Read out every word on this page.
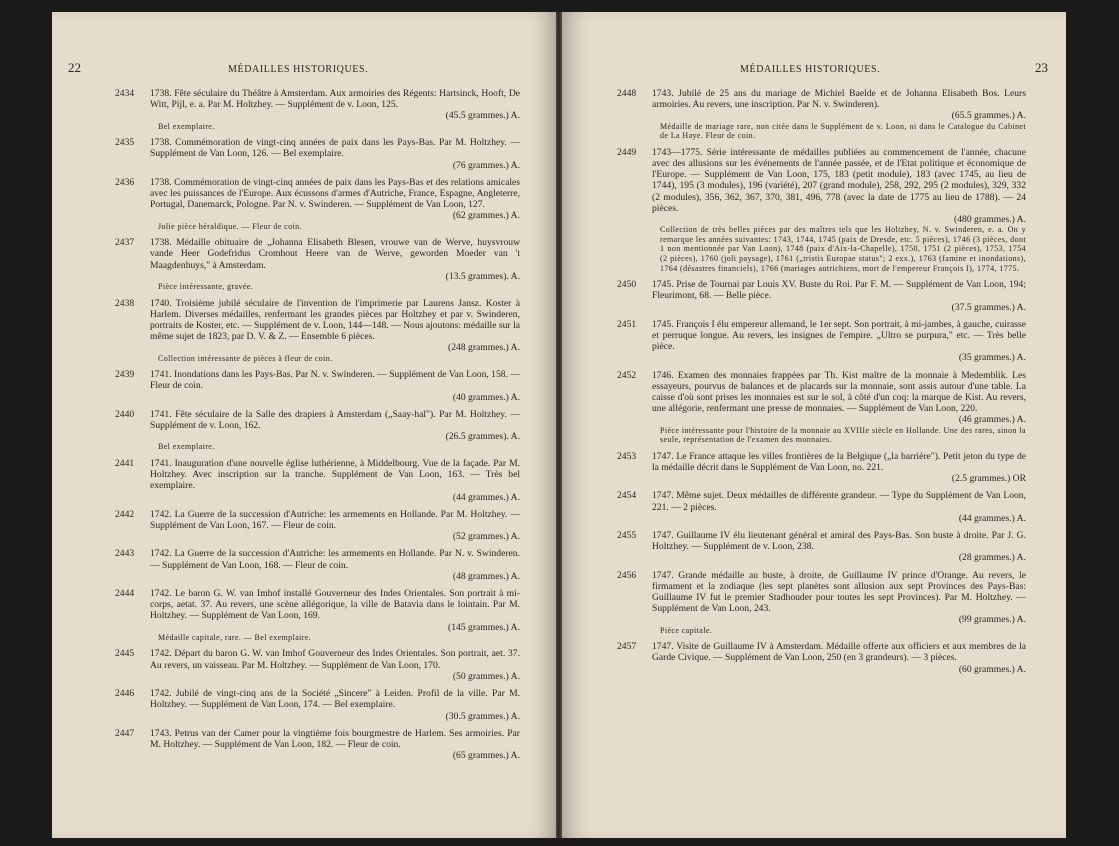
22	MÉDAILLES HISTORIQUES.
2434 1738. Fête séculaire du Théâtre à Amsterdam. Aux armoiries des Régents: Hartsinck, Hooft, De Witt, Pijl, e. a. Par M. Holtzhey. — Supplément de v. Loon, 125.
(45.5 grammes.) A.
Bel exemplaire.
2435 1738. Commémoration de vingt-cinq années de paix dans les Pays-Bas. Par M. Holtzhey. — Supplément de Van Loon, 126. — Bel exemplaire.
(76 grammes.) A.
2436 1738. Commémoration de vingt-cinq années de paix dans les Pays-Bas et des relations amicales avec les puissances de l'Europe. Aux écussons d'armes d'Autriche, France, Espagne, Angleterre, Portugal, Danemarck, Pologne. Par N. v. Swinderen. — Supplément de Van Loon, 127.
(62 grammes.) A.
Jolie pièce héraldique. — Fleur de coin.
2437 1738. Médaille obituaire de „Johanna Elisabeth Blesen, vrouwe van de Werve, huysvrouw vande Heer Godefridus Cromhout Heere van de Werve, geworden Moeder van 't Maagdenhuys," à Amsterdam.
(13.5 grammes). A.
Pièce intéressante, gravée.
2438 1740. Troisième jubilé séculaire de l'invention de l'imprimerie par Laurens Jansz. Koster à Harlem. Diverses médailles, renfermant les grandes pièces par Holtzhey et par v. Swinderen, portraits de Koster, etc. — Supplément de v. Loon, 144—148. — Nous ajoutons: médaille sur la même sujet de 1823, par D. V. & Z. — Ensemble 6 pièces.
(248 grammes.) A.
Collection intéressante de pièces à fleur de coin.
2439 1741. Inondations dans les Pays-Bas. Par N. v. Swinderen. — Supplément de Van Loon, 158. — Fleur de coin.
(40 grammes.) A.
2440 1741. Fête séculaire de la Salle des drapiers à Amsterdam („Saay-hal"). Par M. Holtzhey. — Supplément de v. Loon, 162.
(26.5 grammes). A.
Bel exemplaire.
2441 1741. Inauguration d'une nouvelle église luthérienne, à Middelbourg. Vue de la façade. Par M. Holtzhey. Avec inscription sur la tranche. Supplément de Van Loon, 163. — Très bel exemplaire.
(44 grammes.) A.
2442 1742. La Guerre de la succession d'Autriche: les armements en Hollande. Par M. Holtzhey. — Supplément de Van Loon, 167. — Fleur de coin.
(52 grammes.) A.
2443 1742. La Guerre de la succession d'Autriche: les armements en Hollande. Par N. v. Swinderen. — Supplément de Van Loon, 168. — Fleur de coin.
(48 grammes.) A.
2444 1742. Le baron G. W. van Imhof installé Gouverneur des Indes Orientales. Son portrait à mi-corps, aetat. 37. Au revers, une scène allégorique, la ville de Batavia dans le lointain. Par M. Holtzhey. — Supplément de Van Loon, 169.
(145 grammes.) A.
Médaille capitale, rare. — Bel exemplaire.
2445 1742. Départ du baron G. W. van Imhof Gouverneur des Indes Orientales. Son portrait, aet. 37. Au revers, un vaisseau. Par M. Holtzhey. — Supplément de Van Loon, 170.
(50 grammes.) A.
2446 1742. Jubilé de vingt-cinq ans de la Société „Sincere" à Leiden. Profil de la ville. Par M. Holtzhey. — Supplément de Van Loon, 174. — Bel exemplaire.
(30.5 grammes.) A.
2447 1743. Petrus van der Camer pour la vingtième fois bourgmestre de Harlem. Ses armoiries. Par M. Holtzhey. — Supplément de Van Loon, 182. — Fleur de coin.
(65 grammes.) A.
23
MÉDAILLES HISTORIQUES.
2448 1743. Jubilé de 25 ans du mariage de Michiel Baelde et de Johanna Elisabeth Bos. Leurs armoiries. Au revers, une inscription. Par N. v. Swinderen).
(65.5 grammes.) A.
Médaille de mariage rare, non citée dans le Supplément de v. Loon, ni dans le Catalogue du Cabinet de La Haye. Fleur de coin.
2449 1743—1775. Série intéressante de médailles publiées au commencement de l'année, chacune avec des allusions sur les événements de l'année passée, et de l'Etat politique et économique de l'Europe. — Supplément de Van Loon, 175, 183 (petit module), 183 (avec 1745, au lieu de 1744), 195 (3 modules), 196 (variété), 207 (grand module), 258, 292, 295 (2 modules), 329, 332 (2 modules), 356, 362, 367, 370, 381, 496, 778 (avec la date de 1775 au lieu de 1788). — 24 pièces.
(480 grammes.) A.
Collection de très belles pièces par des maîtres tels que les Holtzhey, N. v. Swinderen, e. a. On y remarque les années suivantes: 1743, 1744, 1745 (paix de Dresde, etc. 5 pièces), 1746 (3 pièces, dont 1 non mentionnée par Van Loon), 1748 (paix d'Aix-la-Chapelle), 1750, 1751 (2 pièces), 1753, 1754 (2 pièces), 1760 (joli paysage), 1761 („tristis Europae status"; 2 exx.), 1763 (famine et inondations), 1764 (désastres financiels), 1766 (mariages autrichiens, mort de l'empereur François I), 1774, 1775.
2450 1745. Prise de Tournai par Louis XV. Buste du Roi. Par F. M. — Supplément de Van Loon, 194; Fleurimont, 68. — Belle pièce.
(37.5 grammes.) A.
2451 1745. François I élu empereur allemand, le 1er sept. Son portrait, à mi-jambes, à gauche, cuirasse et perruque longue. Au revers, les insignes de l'empire. „Ultro se purpura," etc. — Très belle pièce.
(35 grammes.) A.
2452 1746. Examen des monnaies frappées par Th. Kist maître de la monnaie à Medemblik. Les essayeurs, pourvus de balances et de placards sur la monnaie, sont assis autour d'une table. La caisse d'où sont prises les monnaies est sur le sol, à côté d'un coq: la marque de Kist. Au revers, une allégorie, renfermant une presse de monnaies. — Supplément de Van Loon, 220.
(46 grammes.) A.
Pièce intéressante pour l'histoire de la monnaie au XVIIIe siècle en Hollande. Une des rares, sinon la seule, représentation de l'examen des monnaies.
2453 1747. Le France attaque les villes frontières de la Belgique („la barrière"). Petit jeton du type de la médaille décrit dans le Supplément de Van Loon, no. 221.
(2.5 grammes.) OR
2454 1747. Même sujet. Deux médailles de différente grandeur. — Type du Supplément de Van Loon, 221. — 2 pièces.
(44 grammes.) A.
2455 1747. Guillaume IV élu lieutenant général et amiral des Pays-Bas. Son buste à droite. Par J. G. Holtzhey. — Supplément de v. Loon, 238.
(28 grammes.) A.
2456 1747. Grande médaille au buste, à droite, de Guillaume IV prince d'Orange. Au revers, le firmament et la zodiaque (les sept planètes sont allusion aux sept Provinces des Pays-Bas: Guillaume IV fut le premier Stadhouder pour toutes les sept Provinces). Par M. Holtzhey. — Supplément de Van Loon, 243.
(99 grammes.) A.
Pièce capitale.
2457 1747. Visite de Guillaume IV à Amsterdam. Médaille offerte aux officiers et aux membres de la Garde Civique. — Supplément de Van Loon, 250 (en 3 grandeurs). — 3 pièces.
(60 grammes.) A.
